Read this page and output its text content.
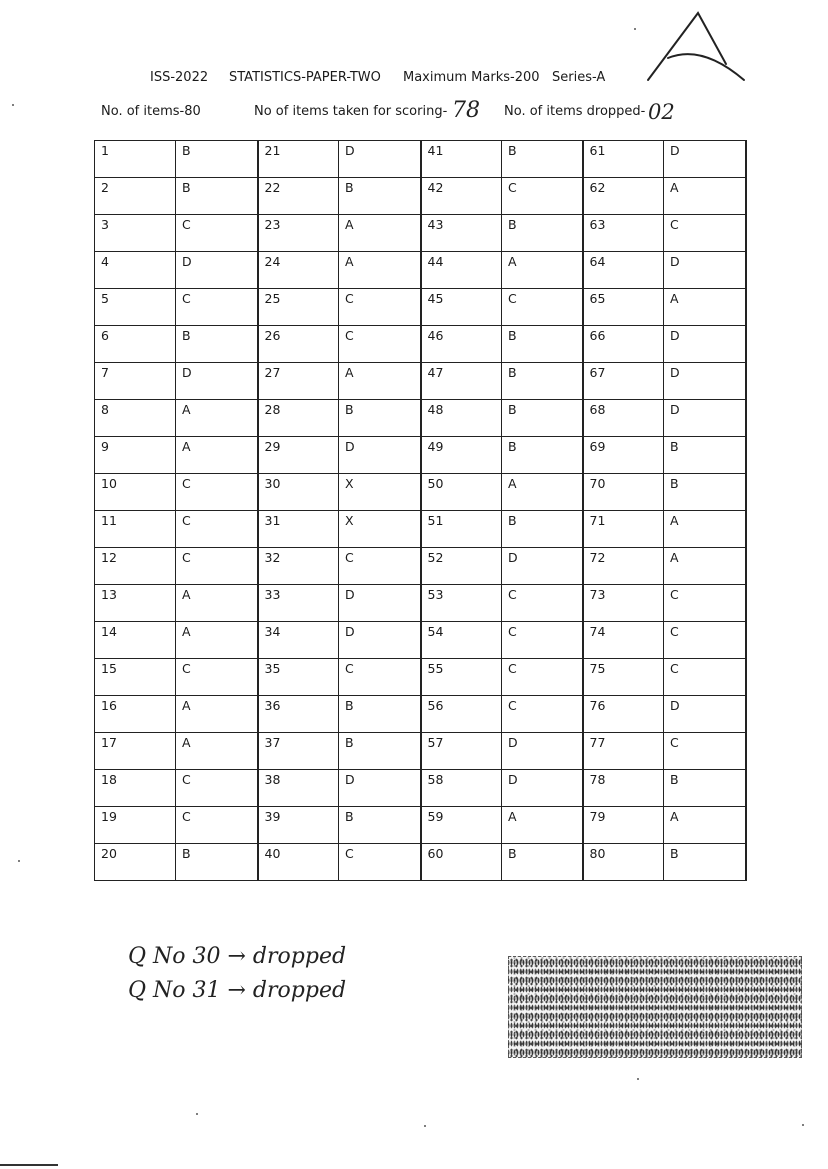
ISS-2022 STATISTICS-PAPER-TWO Maximum Marks-200 Series-A
A
No. of items-80	No of items taken for scoring- 78 No. of items dropped- 02
1	B	21	D	41	B	61	D
2	B	22	B	42	C	62	A
3	C	23	A	43	B	63	C
4	D	24	A	44	A	64	D
5	C	25	C	45	C	65	A
6	B	26	C	46	B	66	D
7	D	27	A	47	B	67	D
8	A	28	B	48	B	68	D
9	A	29	D	49	B	69	B
10	C	30	X	50	A	70	B
11	C	31	X	51	B	71	A
12	C	32	C	52	D	72	A
13	A	33	D	53	C	73	C
14	A	34	D	54	C	74	C
15	C	35	C	55	C	75	C
16	A	36	B	56	C	76	D
17	A	37	B	57	D	77	C
18	C	38	D	58	D	78	B
19	C	39	B	59	A	79	A
20	B	40	C	60	B	80	B
Q No 30 → dropped
Q No 31 → dropped
